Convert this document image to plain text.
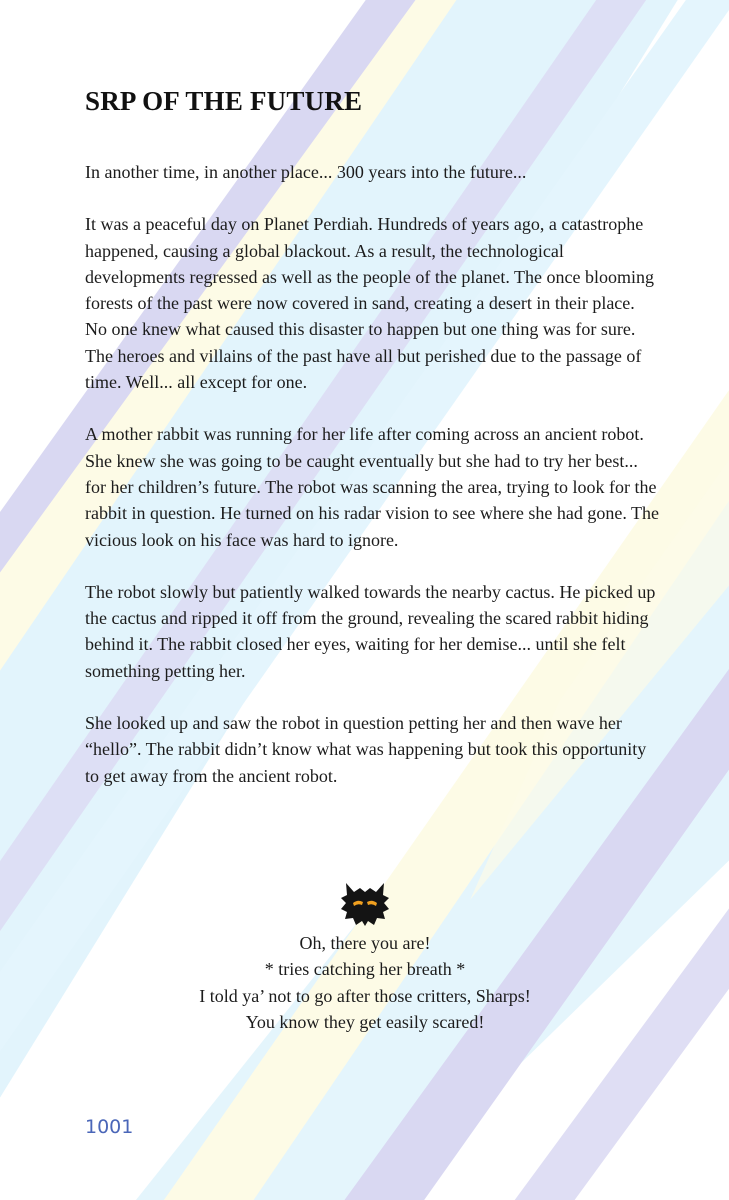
SRP OF THE FUTURE

In another time, in another place... 300 years into the future...

It was a peaceful day on Planet Perdiah. Hundreds of years ago, a catastrophe happened, causing a global blackout. As a result, the technological developments regressed as well as the people of the planet. The once blooming forests of the past were now covered in sand, creating a desert in their place. No one knew what caused this disaster to happen but one thing was for sure. The heroes and villains of the past have all but perished due to the passage of time. Well... all except for one.

A mother rabbit was running for her life after coming across an ancient robot. She knew she was going to be caught eventually but she had to try her best... for her children’s future. The robot was scanning the area, trying to look for the rabbit in question. He turned on his radar vision to see where she had gone. The vicious look on his face was hard to ignore.

The robot slowly but patiently walked towards the nearby cactus. He picked up the cactus and ripped it off from the ground, revealing the scared rabbit hiding behind it. The rabbit closed her eyes, waiting for her demise... until she felt something petting her.

She looked up and saw the robot in question petting her and then wave her “hello”. The rabbit didn’t know what was happening but took this opportunity to get away from the ancient robot.

Oh, there you are!
* tries catching her breath *
I told ya’ not to go after those critters, Sharps!
You know they get easily scared!
1001
